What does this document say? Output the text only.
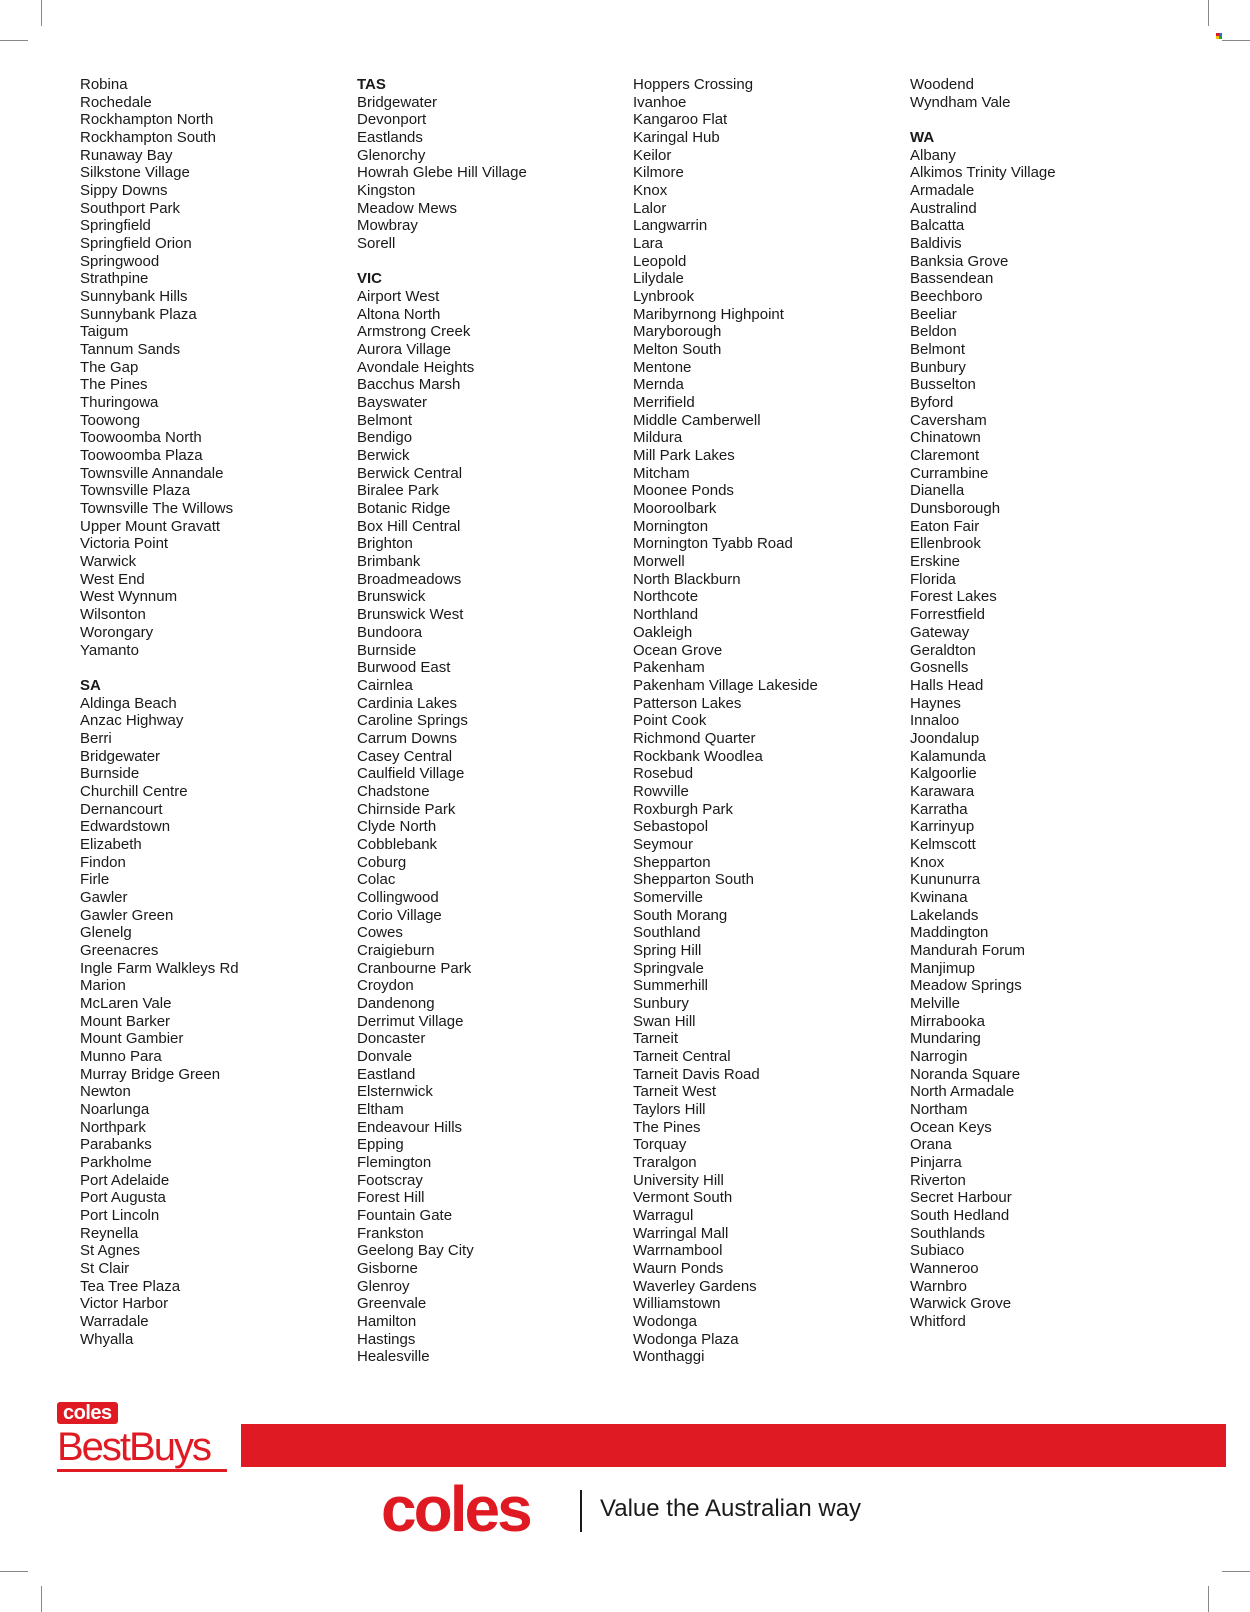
Robina
Rochedale
Rockhampton North
Rockhampton South
Runaway Bay
Silkstone Village
Sippy Downs
Southport Park
Springfield
Springfield Orion
Springwood
Strathpine
Sunnybank Hills
Sunnybank Plaza
Taigum
Tannum Sands
The Gap
The Pines
Thuringowa
Toowong
Toowoomba North
Toowoomba Plaza
Townsville Annandale
Townsville Plaza
Townsville The Willows
Upper Mount Gravatt
Victoria Point
Warwick
West End
West Wynnum
Wilsonton
Worongary
Yamanto
SA
Aldinga Beach
Anzac Highway
Berri
Bridgewater
Burnside
Churchill Centre
Dernancourt
Edwardstown
Elizabeth
Findon
Firle
Gawler
Gawler Green
Glenelg
Greenacres
Ingle Farm Walkleys Rd
Marion
McLaren Vale
Mount Barker
Mount Gambier
Munno Para
Murray Bridge Green
Newton
Noarlunga
Northpark
Parabanks
Parkholme
Port Adelaide
Port Augusta
Port Lincoln
Reynella
St Agnes
St Clair
Tea Tree Plaza
Victor Harbor
Warradale
Whyalla
TAS
Bridgewater
Devonport
Eastlands
Glenorchy
Howrah Glebe Hill Village
Kingston
Meadow Mews
Mowbray
Sorell
VIC
Airport West
Altona North
Armstrong Creek
Aurora Village
Avondale Heights
Bacchus Marsh
Bayswater
Belmont
Bendigo
Berwick
Berwick Central
Biralee Park
Botanic Ridge
Box Hill Central
Brighton
Brimbank
Broadmeadows
Brunswick
Brunswick West
Bundoora
Burnside
Burwood East
Cairnlea
Cardinia Lakes
Caroline Springs
Carrum Downs
Casey Central
Caulfield Village
Chadstone
Chirnside Park
Clyde North
Cobblebank
Coburg
Colac
Collingwood
Corio Village
Cowes
Craigieburn
Cranbourne Park
Croydon
Dandenong
Derrimut Village
Doncaster
Donvale
Eastland
Elsternwick
Eltham
Endeavour Hills
Epping
Flemington
Footscray
Forest Hill
Fountain Gate
Frankston
Geelong Bay City
Gisborne
Glenroy
Greenvale
Hamilton
Hastings
Healesville
Hoppers Crossing
Ivanhoe
Kangaroo Flat
Karingal Hub
Keilor
Kilmore
Knox
Lalor
Langwarrin
Lara
Leopold
Lilydale
Lynbrook
Maribyrnong Highpoint
Maryborough
Melton South
Mentone
Mernda
Merrifield
Middle Camberwell
Mildura
Mill Park Lakes
Mitcham
Moonee Ponds
Mooroolbark
Mornington
Mornington Tyabb Road
Morwell
North Blackburn
Northcote
Northland
Oakleigh
Ocean Grove
Pakenham
Pakenham Village Lakeside
Patterson Lakes
Point Cook
Richmond Quarter
Rockbank Woodlea
Rosebud
Rowville
Roxburgh Park
Sebastopol
Seymour
Shepparton
Shepparton South
Somerville
South Morang
Southland
Spring Hill
Springvale
Summerhill
Sunbury
Swan Hill
Tarneit
Tarneit Central
Tarneit Davis Road
Tarneit West
Taylors Hill
The Pines
Torquay
Traralgon
University Hill
Vermont South
Warragul
Warringal Mall
Warrnambool
Waurn Ponds
Waverley Gardens
Williamstown
Wodonga
Wodonga Plaza
Wonthaggi
Woodend
Wyndham Vale
WA
Albany
Alkimos Trinity Village
Armadale
Australind
Balcatta
Baldivis
Banksia Grove
Bassendean
Beechboro
Beeliar
Beldon
Belmont
Bunbury
Busselton
Byford
Caversham
Chinatown
Claremont
Currambine
Dianella
Dunsborough
Eaton Fair
Ellenbrook
Erskine
Florida
Forest Lakes
Forrestfield
Gateway
Geraldton
Gosnells
Halls Head
Haynes
Innaloo
Joondalup
Kalamunda
Kalgoorlie
Karawara
Karratha
Karrinyup
Kelmscott
Knox
Kununurra
Kwinana
Lakelands
Maddington
Mandurah Forum
Manjimup
Meadow Springs
Melville
Mirrabooka
Mundaring
Narrogin
Noranda Square
North Armadale
Northam
Ocean Keys
Orana
Pinjarra
Riverton
Secret Harbour
South Hedland
Southlands
Subiaco
Wanneroo
Warnbro
Warwick Grove
Whitford
coles
BestBuys
coles	Value the Australian way
